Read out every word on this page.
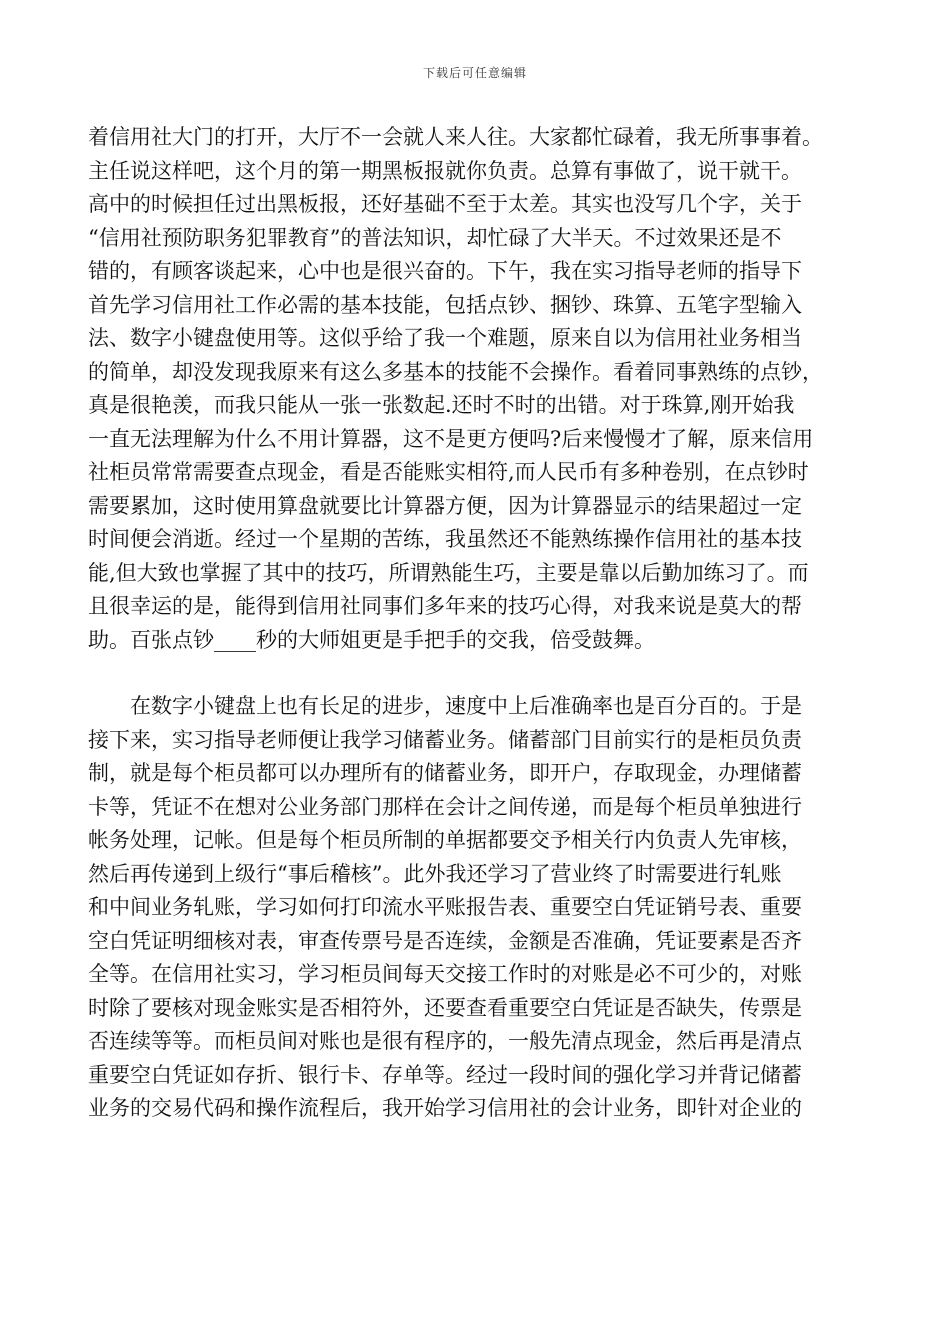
下载后可任意编辑
着信用社大门的打开，大厅不一会就人来人往。大家都忙碌着，我无所事事着。
主任说这样吧，这个月的第一期黑板报就你负责。总算有事做了，说干就干。
高中的时候担任过出黑板报，还好基础不至于太差。其实也没写几个字，关于
“信用社预防职务犯罪教育”的普法知识，却忙碌了大半天。不过效果还是不
错的，有顾客谈起来，心中也是很兴奋的。下午，我在实习指导老师的指导下
首先学习信用社工作必需的基本技能，包括点钞、捆钞、珠算、五笔字型输入
法、数字小键盘使用等。这似乎给了我一个难题，原来自以为信用社业务相当
的简单，却没发现我原来有这么多基本的技能不会操作。看着同事熟练的点钞，
真是很艳羡，而我只能从一张一张数起.还时不时的出错。对于珠算,刚开始我
一直无法理解为什么不用计算器，这不是更方便吗?后来慢慢才了解，原来信用
社柜员常常需要查点现金，看是否能账实相符,而人民币有多种卷别，在点钞时
需要累加，这时使用算盘就要比计算器方便，因为计算器显示的结果超过一定
时间便会消逝。经过一个星期的苦练，我虽然还不能熟练操作信用社的基本技
能,但大致也掌握了其中的技巧，所谓熟能生巧，主要是靠以后勤加练习了。而
且很幸运的是，能得到信用社同事们多年来的技巧心得，对我来说是莫大的帮
助。百张点钞____秒的大师姐更是手把手的交我，倍受鼓舞。
　　在数字小键盘上也有长足的进步，速度中上后准确率也是百分百的。于是
接下来，实习指导老师便让我学习储蓄业务。储蓄部门目前实行的是柜员负责
制，就是每个柜员都可以办理所有的储蓄业务，即开户，存取现金，办理储蓄
卡等，凭证不在想对公业务部门那样在会计之间传递，而是每个柜员单独进行
帐务处理，记帐。但是每个柜员所制的单据都要交予相关行内负责人先审核，
然后再传递到上级行“事后稽核”。此外我还学习了营业终了时需要进行轧账
和中间业务轧账，学习如何打印流水平账报告表、重要空白凭证销号表、重要
空白凭证明细核对表，审查传票号是否连续，金额是否准确，凭证要素是否齐
全等。在信用社实习，学习柜员间每天交接工作时的对账是必不可少的，对账
时除了要核对现金账实是否相符外，还要查看重要空白凭证是否缺失，传票是
否连续等等。而柜员间对账也是很有程序的，一般先清点现金，然后再是清点
重要空白凭证如存折、银行卡、存单等。经过一段时间的强化学习并背记储蓄
业务的交易代码和操作流程后，我开始学习信用社的会计业务，即针对企业的
